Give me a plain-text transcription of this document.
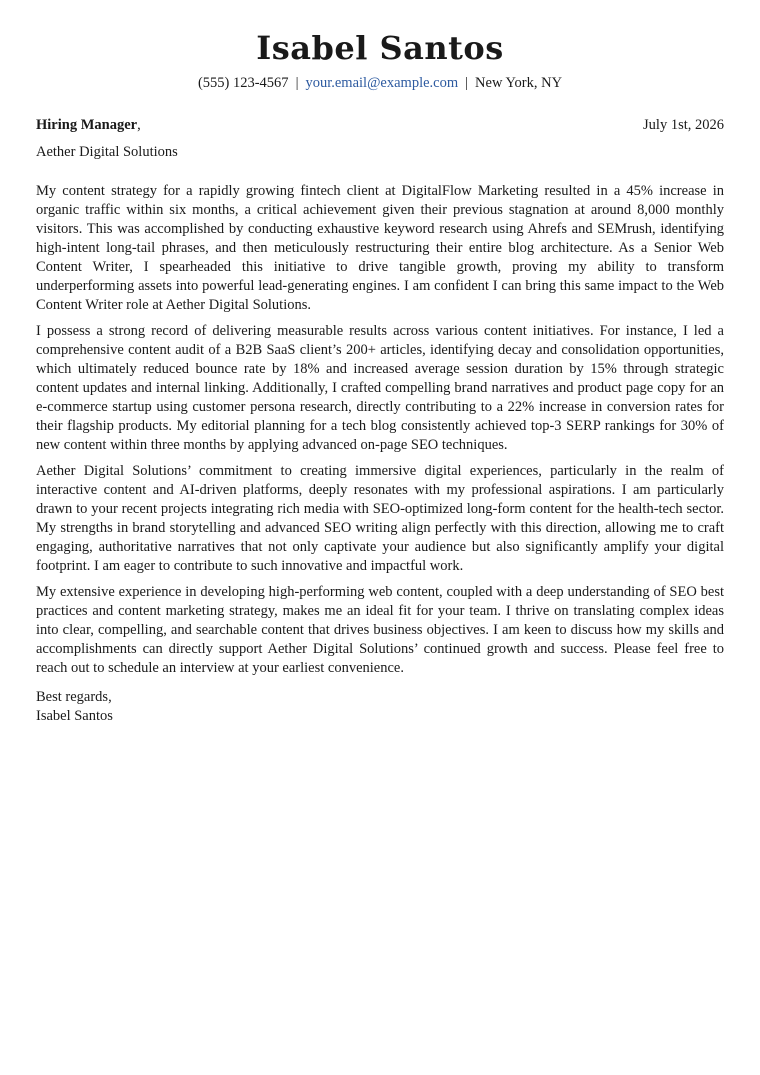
Isabel Santos
(555) 123-4567 | your.email@example.com | New York, NY
Hiring Manager,	July 1st, 2026
Aether Digital Solutions

My content strategy for a rapidly growing fintech client at DigitalFlow Marketing resulted in a 45% increase in organic traffic within six months, a critical achievement given their previous stagnation at around 8,000 monthly visitors. This was accomplished by conducting exhaustive keyword research using Ahrefs and SEMrush, identifying high-intent long-tail phrases, and then meticulously restructuring their entire blog architecture. As a Senior Web Content Writer, I spearheaded this initiative to drive tangible growth, proving my ability to transform underperforming assets into powerful lead-generating engines. I am confident I can bring this same impact to the Web Content Writer role at Aether Digital Solutions.

I possess a strong record of delivering measurable results across various content initiatives. For instance, I led a comprehensive content audit of a B2B SaaS client’s 200+ articles, identifying decay and consolidation opportunities, which ultimately reduced bounce rate by 18% and increased average session duration by 15% through strategic content updates and internal linking. Additionally, I crafted compelling brand narratives and product page copy for an e-commerce startup using customer persona research, directly contributing to a 22% increase in conversion rates for their flagship products. My editorial planning for a tech blog consistently achieved top-3 SERP rankings for 30% of new content within three months by applying advanced on-page SEO techniques.

Aether Digital Solutions’ commitment to creating immersive digital experiences, particularly in the realm of interactive content and AI-driven platforms, deeply resonates with my professional aspirations. I am particularly drawn to your recent projects integrating rich media with SEO-optimized long-form content for the health-tech sector. My strengths in brand storytelling and advanced SEO writing align perfectly with this direction, allowing me to craft engaging, authoritative narratives that not only captivate your audience but also significantly amplify your digital footprint. I am eager to contribute to such innovative and impactful work.

My extensive experience in developing high-performing web content, coupled with a deep understanding of SEO best practices and content marketing strategy, makes me an ideal fit for your team. I thrive on translating complex ideas into clear, compelling, and searchable content that drives business objectives. I am keen to discuss how my skills and accomplishments can directly support Aether Digital Solutions’ continued growth and success. Please feel free to reach out to schedule an interview at your earliest convenience.

Best regards,
Isabel Santos
